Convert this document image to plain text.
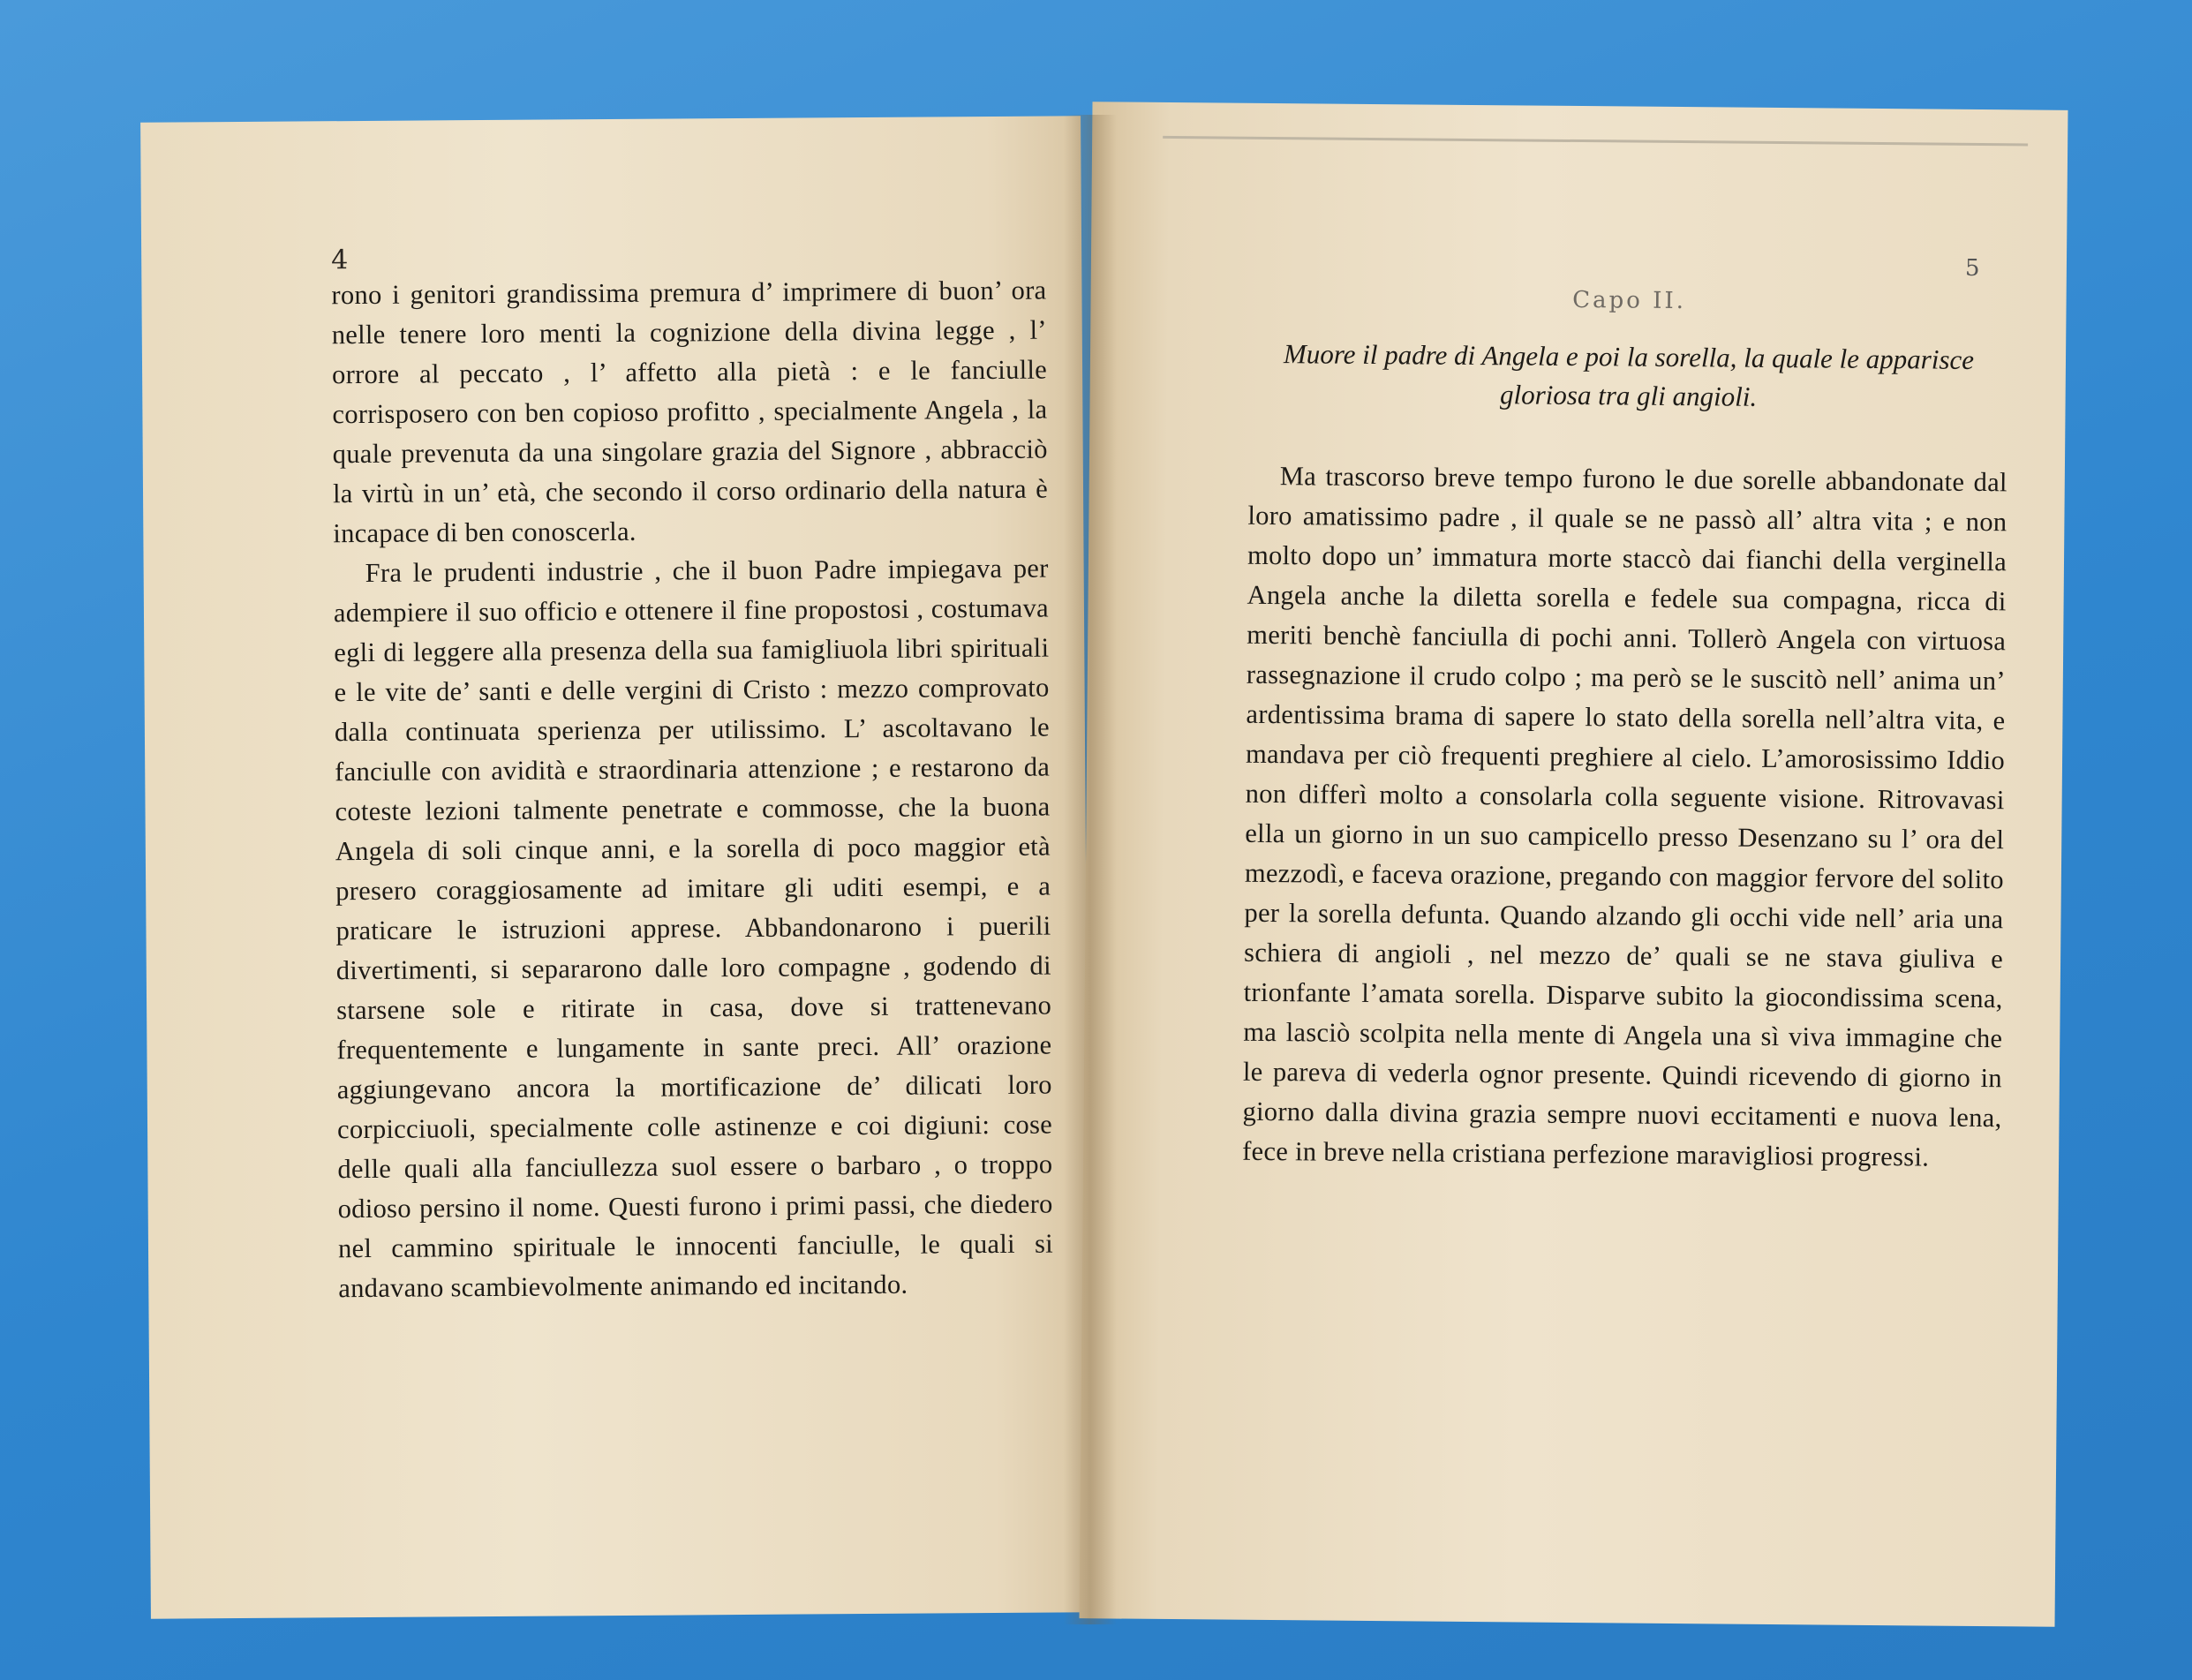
4

rono i genitori grandissima premura d’ imprimere di buon’ ora nelle tenere loro menti la cognizione della divina legge , l’ orrore al peccato , l’ affetto alla pietà : e le fanciulle corrisposero con ben copioso profitto , specialmente Angela , la quale prevenuta da una singolare grazia del Signore , abbracciò la virtù in un’ età, che secondo il corso ordinario della natura è incapace di ben conoscerla.

Fra le prudenti industrie , che il buon Padre impiegava per adempiere il suo officio e ottenere il fine propostosi , costumava egli di leggere alla presenza della sua famigliuola libri spirituali e le vite de’ santi e delle vergini di Cristo : mezzo comprovato dalla continuata sperienza per utilissimo. L’ ascoltavano le fanciulle con avidità e straordinaria attenzione ; e restarono da coteste lezioni talmente penetrate e commosse, che la buona Angela di soli cinque anni, e la sorella di poco maggior età presero coraggiosamente ad imitare gli uditi esempi, e a praticare le istruzioni apprese. Abbandonarono i puerili divertimenti, si separarono dalle loro compagne , godendo di starsene sole e ritirate in casa, dove si trattenevano frequentemente e lungamente in sante preci. All’ orazione aggiungevano ancora la mortificazione de’ dilicati loro corpicciuoli, specialmente colle astinenze e coi digiuni: cose delle quali alla fanciullezza suol essere o barbaro , o troppo odioso persino il nome. Questi furono i primi passi, che diedero nel cammino spirituale le innocenti fanciulle, le quali si andavano scambievolmente animando ed incitando.

5
Capo II.
Muore il padre di Angela e poi la sorella, la quale le apparisce gloriosa tra gli angioli.

Ma trascorso breve tempo furono le due sorelle abbandonate dal loro amatissimo padre , il quale se ne passò all’ altra vita ; e non molto dopo un’ immatura morte staccò dai fianchi della verginella Angela anche la diletta sorella e fedele sua compagna, ricca di meriti benchè fanciulla di pochi anni. Tollerò Angela con virtuosa rassegnazione il crudo colpo ; ma però se le suscitò nell’ anima un’ ardentissima brama di sapere lo stato della sorella nell’altra vita, e mandava per ciò frequenti preghiere al cielo. L’amorosissimo Iddio non differì molto a consolarla colla seguente visione. Ritrovavasi ella un giorno in un suo campicello presso Desenzano su l’ ora del mezzodì, e faceva orazione, pregando con maggior fervore del solito per la sorella defunta. Quando alzando gli occhi vide nell’ aria una schiera di angioli , nel mezzo de’ quali se ne stava giuliva e trionfante l’amata sorella. Disparve subito la giocondissima scena, ma lasciò scolpita nella mente di Angela una sì viva immagine che le pareva di vederla ognor presente. Quindi ricevendo di giorno in giorno dalla divina grazia sempre nuovi eccitamenti e nuova lena, fece in breve nella cristiana perfezione maravigliosi progressi.
